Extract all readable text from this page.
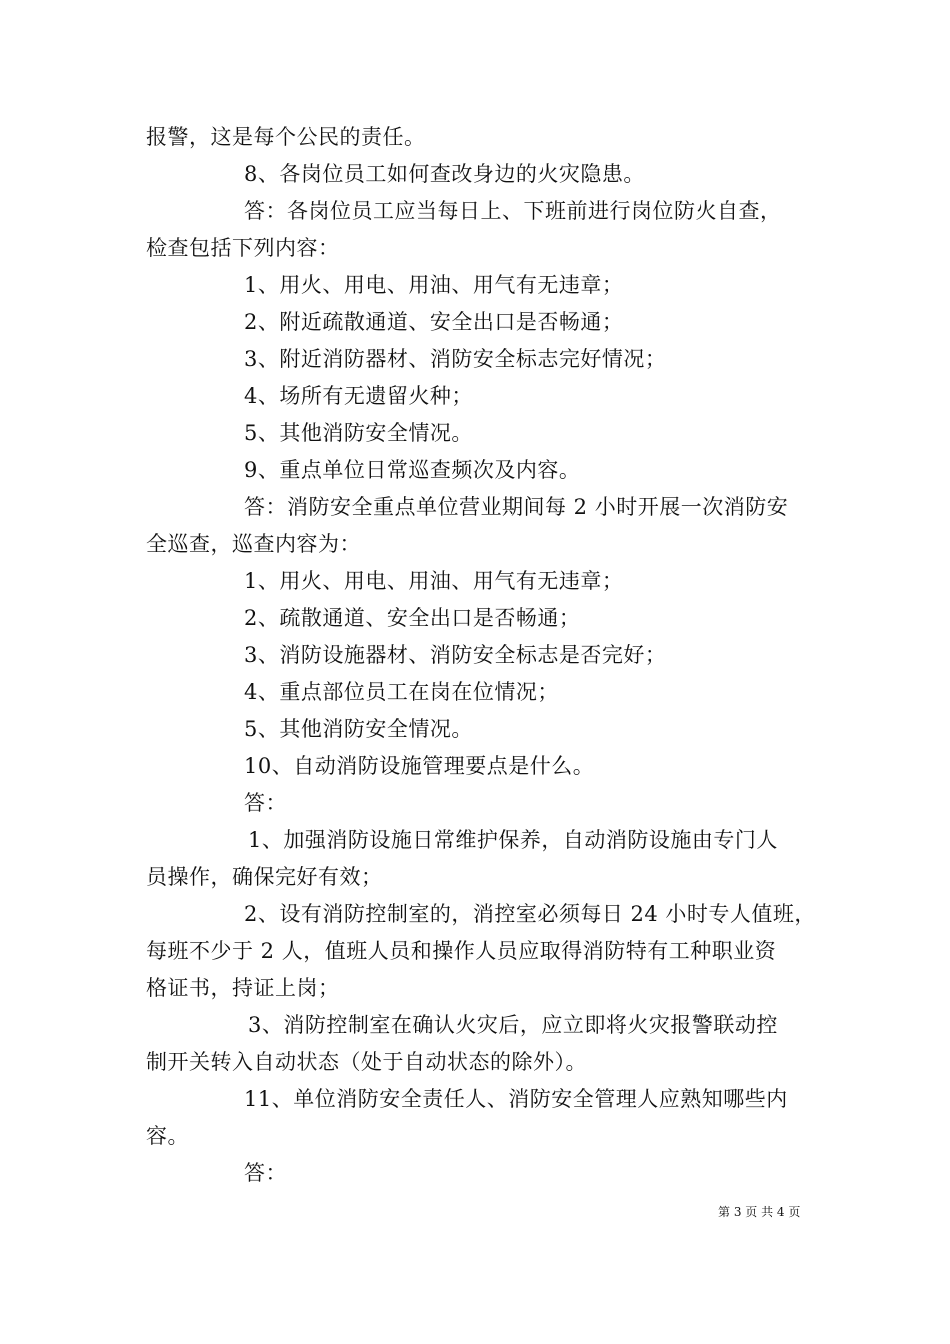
报警，这是每个公民的责任。
8、各岗位员工如何查改身边的火灾隐患。
答：各岗位员工应当每日上、下班前进行岗位防火自查，
检查包括下列内容：
1、用火、用电、用油、用气有无违章；
2、附近疏散通道、安全出口是否畅通；
3、附近消防器材、消防安全标志完好情况；
4、场所有无遗留火种；
5、其他消防安全情况。
9、重点单位日常巡查频次及内容。
答：消防安全重点单位营业期间每 2 小时开展一次消防安
全巡查，巡查内容为：
1、用火、用电、用油、用气有无违章；
2、疏散通道、安全出口是否畅通；
3、消防设施器材、消防安全标志是否完好；
4、重点部位员工在岗在位情况；
5、其他消防安全情况。
10、自动消防设施管理要点是什么。
答：
1、加强消防设施日常维护保养，自动消防设施由专门人
员操作，确保完好有效；
2、设有消防控制室的，消控室必须每日 24 小时专人值班，
每班不少于 2 人，值班人员和操作人员应取得消防特有工种职业资
格证书，持证上岗；
3、消防控制室在确认火灾后，应立即将火灾报警联动控
制开关转入自动状态（处于自动状态的除外）。
11、单位消防安全责任人、消防安全管理人应熟知哪些内
容。
答：
第 3 页 共 4 页
